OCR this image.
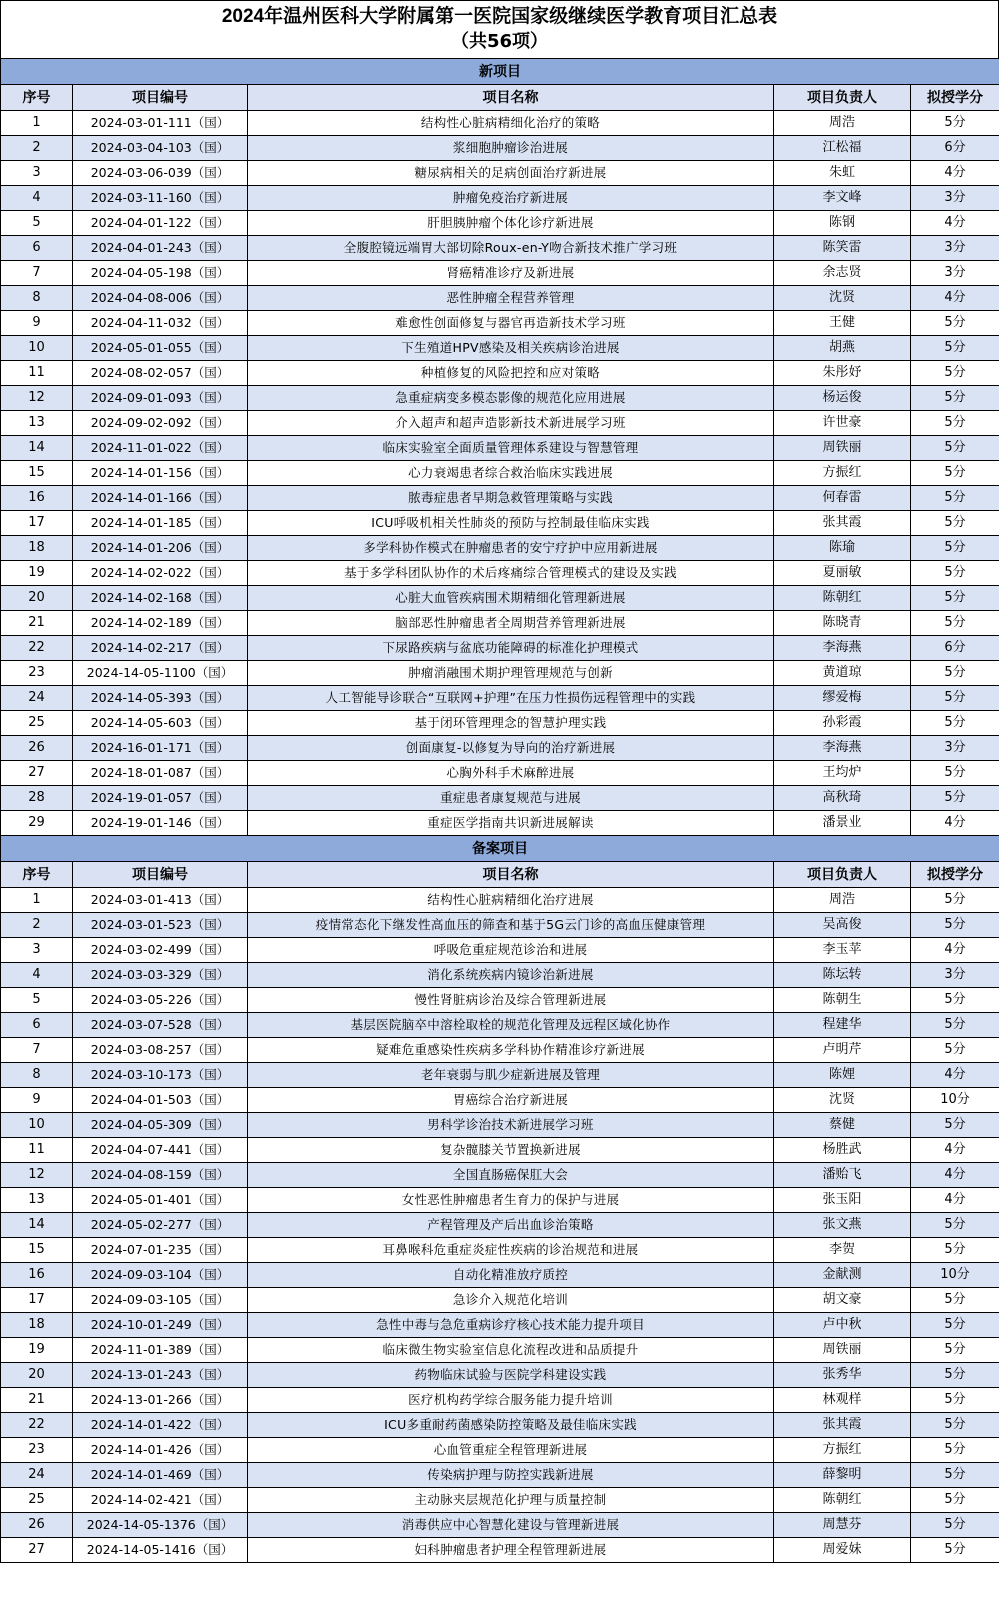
2024年温州医科大学附属第一医院国家级继续医学教育项目汇总表
（共56项）
新项目				
序号	项目编号	项目名称	项目负责人	拟授学分
1	2024-03-01-111（国）	结构性心脏病精细化治疗的策略	周浩	5分
2	2024-03-04-103（国）	浆细胞肿瘤诊治进展	江松福	6分
3	2024-03-06-039（国）	糖尿病相关的足病创面治疗新进展	朱虹	4分
4	2024-03-11-160（国）	肿瘤免疫治疗新进展	李文峰	3分
5	2024-04-01-122（国）	肝胆胰肿瘤个体化诊疗新进展	陈钢	4分
6	2024-04-01-243（国）	全腹腔镜远端胃大部切除Roux-en-Y吻合新技术推广学习班	陈笑雷	3分
7	2024-04-05-198（国）	肾癌精准诊疗及新进展	余志贤	3分
8	2024-04-08-006（国）	恶性肿瘤全程营养管理	沈贤	4分
9	2024-04-11-032（国）	难愈性创面修复与器官再造新技术学习班	王健	5分
10	2024-05-01-055（国）	下生殖道HPV感染及相关疾病诊治进展	胡燕	5分
11	2024-08-02-057（国）	种植修复的风险把控和应对策略	朱彤妤	5分
12	2024-09-01-093（国）	急重症病变多模态影像的规范化应用进展	杨运俊	5分
13	2024-09-02-092（国）	介入超声和超声造影新技术新进展学习班	许世豪	5分
14	2024-11-01-022（国）	临床实验室全面质量管理体系建设与智慧管理	周铁丽	5分
15	2024-14-01-156（国）	心力衰竭患者综合救治临床实践进展	方振红	5分
16	2024-14-01-166（国）	脓毒症患者早期急救管理策略与实践	何春雷	5分
17	2024-14-01-185（国）	ICU呼吸机相关性肺炎的预防与控制最佳临床实践	张其霞	5分
18	2024-14-01-206（国）	多学科协作模式在肿瘤患者的安宁疗护中应用新进展	陈瑜	5分
19	2024-14-02-022（国）	基于多学科团队协作的术后疼痛综合管理模式的建设及实践	夏丽敏	5分
20	2024-14-02-168（国）	心脏大血管疾病围术期精细化管理新进展	陈朝红	5分
21	2024-14-02-189（国）	脑部恶性肿瘤患者全周期营养管理新进展	陈晓青	5分
22	2024-14-02-217（国）	下尿路疾病与盆底功能障碍的标准化护理模式	李海燕	6分
23	2024-14-05-1100（国）	肿瘤消融围术期护理管理规范与创新	黄道琼	5分
24	2024-14-05-393（国）	人工智能导诊联合“互联网+护理”在压力性损伤远程管理中的实践	缪爱梅	5分
25	2024-14-05-603（国）	基于闭环管理理念的智慧护理实践	孙彩霞	5分
26	2024-16-01-171（国）	创面康复-以修复为导向的治疗新进展	李海燕	3分
27	2024-18-01-087（国）	心胸外科手术麻醉进展	王均炉	5分
28	2024-19-01-057（国）	重症患者康复规范与进展	高秋琦	5分
29	2024-19-01-146（国）	重症医学指南共识新进展解读	潘景业	4分
备案项目				
序号	项目编号	项目名称	项目负责人	拟授学分
1	2024-03-01-413（国）	结构性心脏病精细化治疗进展	周浩	5分
2	2024-03-01-523（国）	疫情常态化下继发性高血压的筛查和基于5G云门诊的高血压健康管理	吴高俊	5分
3	2024-03-02-499（国）	呼吸危重症规范诊治和进展	李玉苹	4分
4	2024-03-03-329（国）	消化系统疾病内镜诊治新进展	陈坛转	3分
5	2024-03-05-226（国）	慢性肾脏病诊治及综合管理新进展	陈朝生	5分
6	2024-03-07-528（国）	基层医院脑卒中溶栓取栓的规范化管理及远程区域化协作	程建华	5分
7	2024-03-08-257（国）	疑难危重感染性疾病多学科协作精准诊疗新进展	卢明芹	5分
8	2024-03-10-173（国）	老年衰弱与肌少症新进展及管理	陈娌	4分
9	2024-04-01-503（国）	胃癌综合治疗新进展	沈贤	10分
10	2024-04-05-309（国）	男科学诊治技术新进展学习班	蔡健	5分
11	2024-04-07-441（国）	复杂髋膝关节置换新进展	杨胜武	4分
12	2024-04-08-159（国）	全国直肠癌保肛大会	潘贻飞	4分
13	2024-05-01-401（国）	女性恶性肿瘤患者生育力的保护与进展	张玉阳	4分
14	2024-05-02-277（国）	产程管理及产后出血诊治策略	张文燕	5分
15	2024-07-01-235（国）	耳鼻喉科危重症炎症性疾病的诊治规范和进展	李贺	5分
16	2024-09-03-104（国）	自动化精准放疗质控	金献测	10分
17	2024-09-03-105（国）	急诊介入规范化培训	胡文豪	5分
18	2024-10-01-249（国）	急性中毒与急危重病诊疗核心技术能力提升项目	卢中秋	5分
19	2024-11-01-389（国）	临床微生物实验室信息化流程改进和品质提升	周铁丽	5分
20	2024-13-01-243（国）	药物临床试验与医院学科建设实践	张秀华	5分
21	2024-13-01-266（国）	医疗机构药学综合服务能力提升培训	林观样	5分
22	2024-14-01-422（国）	ICU多重耐药菌感染防控策略及最佳临床实践	张其霞	5分
23	2024-14-01-426（国）	心血管重症全程管理新进展	方振红	5分
24	2024-14-01-469（国）	传染病护理与防控实践新进展	薛黎明	5分
25	2024-14-02-421（国）	主动脉夹层规范化护理与质量控制	陈朝红	5分
26	2024-14-05-1376（国）	消毒供应中心智慧化建设与管理新进展	周慧芬	5分
27	2024-14-05-1416（国）	妇科肿瘤患者护理全程管理新进展	周爱妹	5分
